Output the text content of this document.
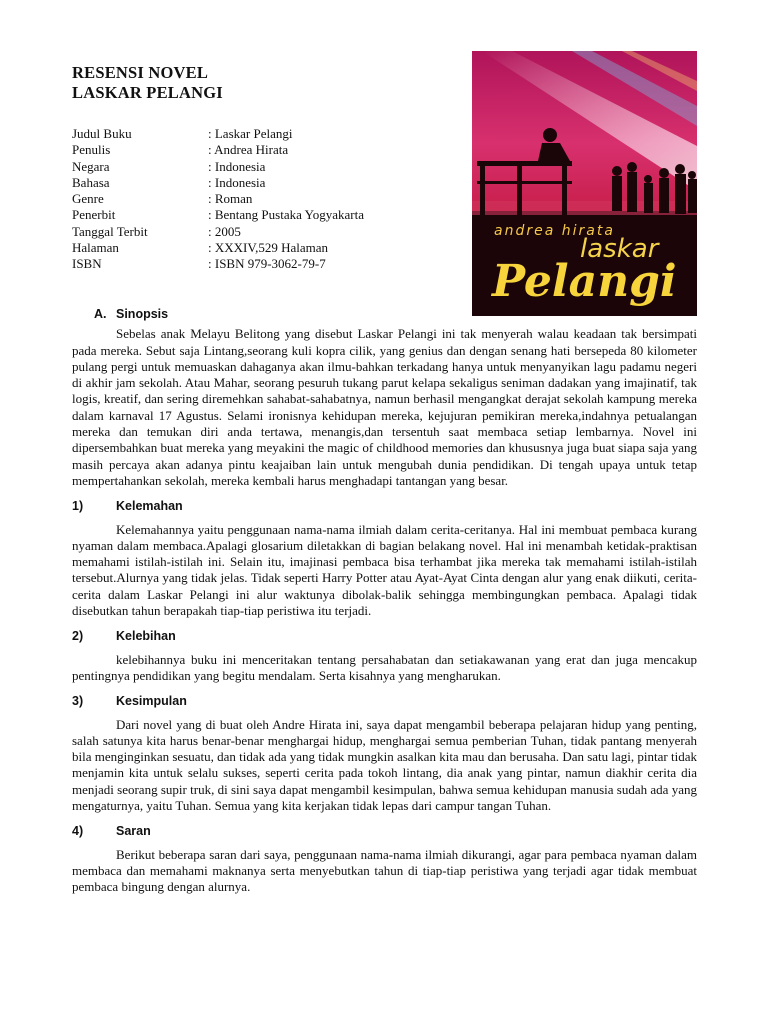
RESENSI NOVEL
LASKAR PELANGI
Judul Buku	: Laskar Pelangi
Penulis	: Andrea Hirata
Negara	: Indonesia
Bahasa	: Indonesia
Genre	: Roman
Penerbit	: Bentang Pustaka Yogyakarta
Tanggal Terbit	: 2005
Halaman	: XXXIV,529 Halaman
ISBN	: ISBN 979-3062-79-7
andrea hirata
laskar
Pelangi
A. Sinopsis

Sebelas anak Melayu Belitong yang disebut Laskar Pelangi ini tak menyerah walau keadaan tak bersimpati pada mereka. Sebut saja Lintang,seorang kuli kopra cilik, yang genius dan dengan senang hati bersepeda 80 kilometer pulang pergi untuk memuaskan dahaganya akan ilmu-bahkan terkadang hanya untuk menyanyikan lagu padamu negeri di akhir jam sekolah. Atau Mahar, seorang pesuruh tukang parut kelapa sekaligus seniman dadakan yang imajinatif, tak logis, kreatif, dan sering diremehkan sahabat-sahabatnya, namun berhasil mengangkat derajat sekolah kampung mereka dalam karnaval 17 Agustus. Selami ironisnya kehidupan mereka, kejujuran pemikiran mereka,indahnya petualangan mereka dan temukan diri anda tertawa, menangis,dan tersentuh saat membaca setiap lembarnya. Novel ini dipersembahkan buat mereka yang meyakini the magic of childhood memories dan khususnya juga buat siapa saja yang masih percaya akan adanya pintu keajaiban lain untuk mengubah dunia pendidikan. Di tengah upaya untuk tetap mempertahankan sekolah, mereka kembali harus menghadapi tantangan yang besar.

1)	Kelemahan

Kelemahannya yaitu penggunaan nama-nama ilmiah dalam cerita-ceritanya. Hal ini membuat pembaca kurang nyaman dalam membaca.Apalagi glosarium diletakkan di bagian belakang novel. Hal ini menambah ketidak-praktisan memahami istilah-istilah ini. Selain itu, imajinasi pembaca bisa terhambat jika mereka tak memahami istilah-istilah tersebut.Alurnya yang tidak jelas. Tidak seperti Harry Potter atau Ayat-Ayat Cinta dengan alur yang enak diikuti, cerita-cerita dalam Laskar Pelangi ini alur waktunya dibolak-balik sehingga membingungkan pembaca. Apalagi tidak disebutkan tahun berapakah tiap-tiap peristiwa itu terjadi.

2)	Kelebihan

kelebihannya buku ini menceritakan tentang persahabatan dan setiakawanan yang erat dan juga mencakup pentingnya pendidikan yang begitu mendalam. Serta kisahnya yang mengharukan.

3)	Kesimpulan

Dari novel yang di buat oleh Andre Hirata ini, saya dapat mengambil beberapa pelajaran hidup yang penting, salah satunya kita harus benar-benar menghargai hidup, menghargai semua pemberian Tuhan, tidak pantang menyerah bila menginginkan sesuatu, dan tidak ada yang tidak mungkin asalkan kita mau dan berusaha. Dan satu lagi, pintar tidak menjamin kita untuk selalu sukses, seperti cerita pada tokoh lintang, dia anak yang pintar, namun diakhir cerita dia menjadi seorang supir truk, di sini saya dapat mengambil kesimpulan, bahwa semua kehidupan manusia sudah ada yang mengaturnya, yaitu Tuhan. Semua yang kita kerjakan tidak lepas dari campur tangan Tuhan.

4)	Saran

Berikut beberapa saran dari saya, penggunaan nama-nama ilmiah dikurangi, agar para pembaca nyaman dalam membaca dan memahami maknanya serta menyebutkan tahun di tiap-tiap peristiwa yang terjadi agar tidak membuat pembaca bingung dengan alurnya.
